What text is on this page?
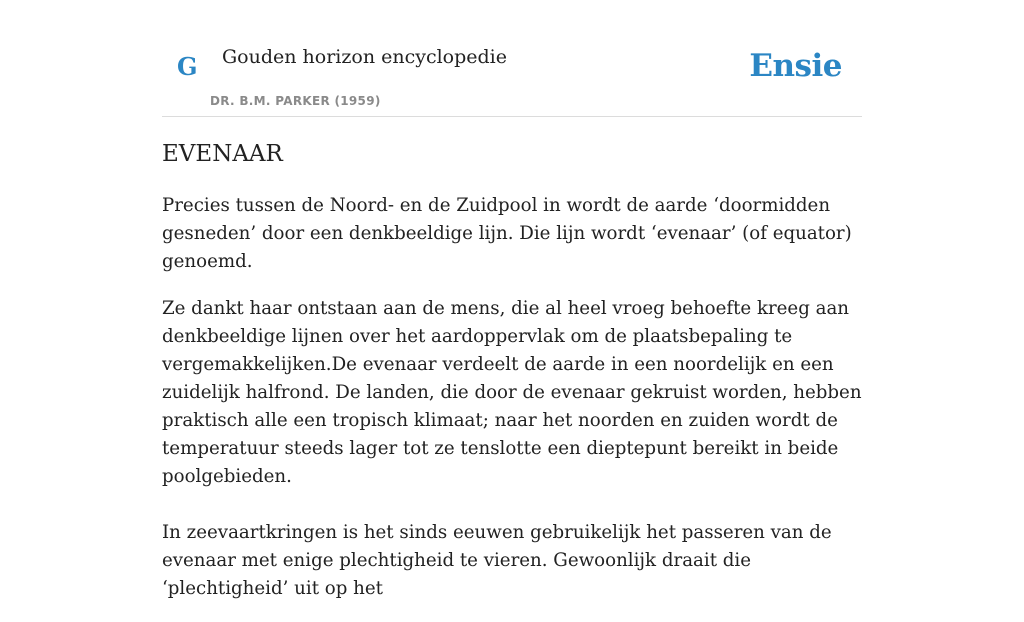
G Gouden horizon encyclopedie
DR. B.M. PARKER (1959)
Ensie
EVENAAR

Precies tussen de Noord- en de Zuidpool in wordt de aarde ‘doormidden gesneden’ door een denkbeeldige lijn. Die lijn wordt ‘evenaar’ (of equator) genoemd.

Ze dankt haar ontstaan aan de mens, die al heel vroeg behoefte kreeg aan denkbeeldige lijnen over het aardoppervlak om de plaatsbepaling te vergemakkelijken.De evenaar verdeelt de aarde in een noordelijk en een zuidelijk halfrond. De landen, die door de evenaar gekruist worden, hebben praktisch alle een tropisch klimaat; naar het noorden en zuiden wordt de temperatuur steeds lager tot ze tenslotte een dieptepunt bereikt in beide poolgebieden.

In zeevaartkringen is het sinds eeuwen gebruikelijk het passeren van de evenaar met enige plechtigheid te vieren. Gewoonlijk draait die ‘plechtigheid’ uit op het
